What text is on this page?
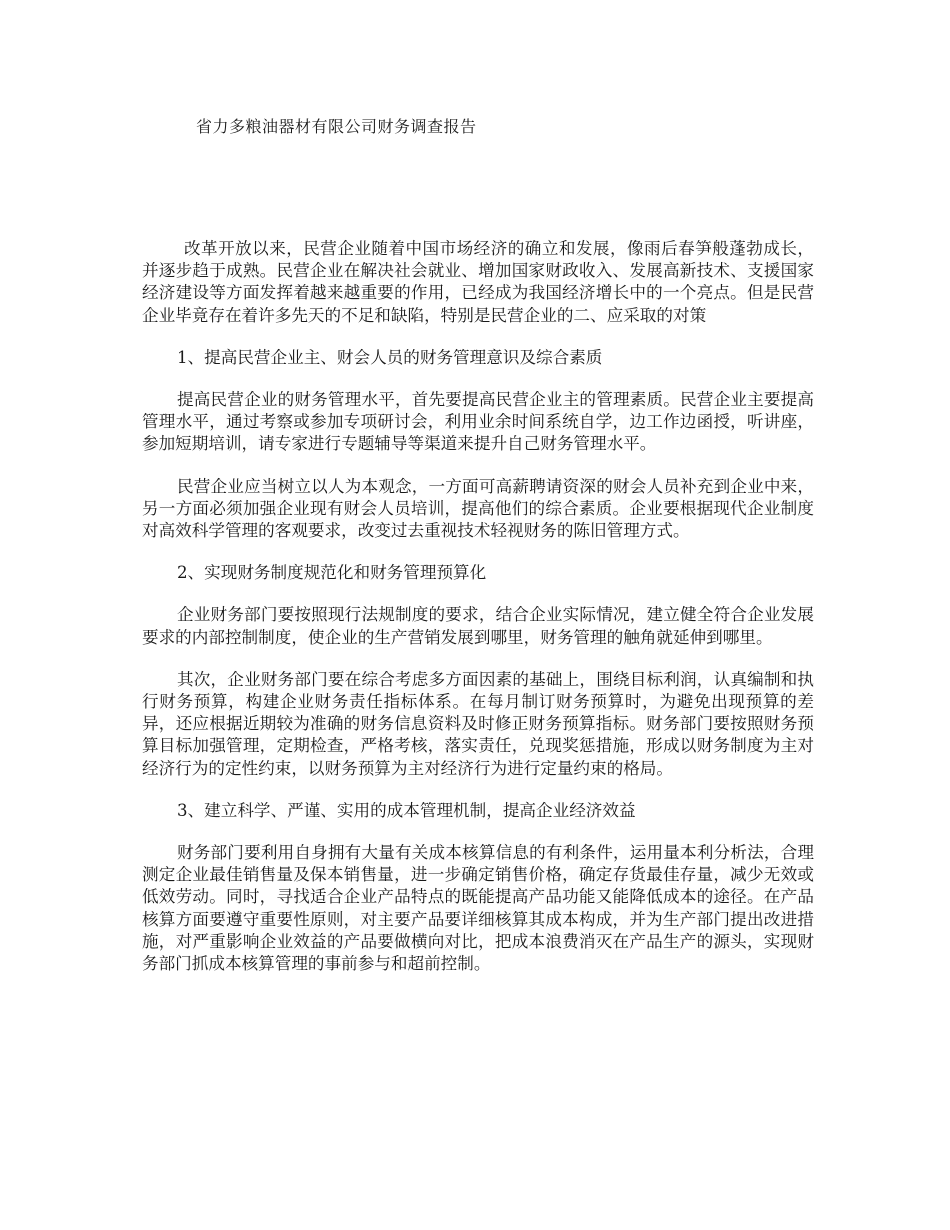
省力多粮油器材有限公司财务调查报告

改革开放以来，民营企业随着中国市场经济的确立和发展，像雨后春笋般蓬勃成长，并逐步趋于成熟。民营企业在解决社会就业、增加国家财政收入、发展高新技术、支援国家经济建设等方面发挥着越来越重要的作用，已经成为我国经济增长中的一个亮点。但是民营企业毕竟存在着许多先天的不足和缺陷，特别是民营企业的二、应采取的对策

1、提高民营企业主、财会人员的财务管理意识及综合素质

提高民营企业的财务管理水平，首先要提高民营企业主的管理素质。民营企业主要提高管理水平，通过考察或参加专项研讨会，利用业余时间系统自学，边工作边函授，听讲座，参加短期培训，请专家进行专题辅导等渠道来提升自己财务管理水平。

民营企业应当树立以人为本观念，一方面可高薪聘请资深的财会人员补充到企业中来，另一方面必须加强企业现有财会人员培训，提高他们的综合素质。企业要根据现代企业制度对高效科学管理的客观要求，改变过去重视技术轻视财务的陈旧管理方式。

2、实现财务制度规范化和财务管理预算化

企业财务部门要按照现行法规制度的要求，结合企业实际情况，建立健全符合企业发展要求的内部控制制度，使企业的生产营销发展到哪里，财务管理的触角就延伸到哪里。

其次，企业财务部门要在综合考虑多方面因素的基础上，围绕目标利润，认真编制和执行财务预算，构建企业财务责任指标体系。在每月制订财务预算时，为避免出现预算的差异，还应根据近期较为准确的财务信息资料及时修正财务预算指标。财务部门要按照财务预算目标加强管理，定期检查，严格考核，落实责任，兑现奖惩措施，形成以财务制度为主对经济行为的定性约束，以财务预算为主对经济行为进行定量约束的格局。

3、建立科学、严谨、实用的成本管理机制，提高企业经济效益

财务部门要利用自身拥有大量有关成本核算信息的有利条件，运用量本利分析法，合理测定企业最佳销售量及保本销售量，进一步确定销售价格，确定存货最佳存量，减少无效或低效劳动。同时，寻找适合企业产品特点的既能提高产品功能又能降低成本的途径。在产品核算方面要遵守重要性原则，对主要产品要详细核算其成本构成，并为生产部门提出改进措施，对严重影响企业效益的产品要做横向对比，把成本浪费消灭在产品生产的源头，实现财务部门抓成本核算管理的事前参与和超前控制。
